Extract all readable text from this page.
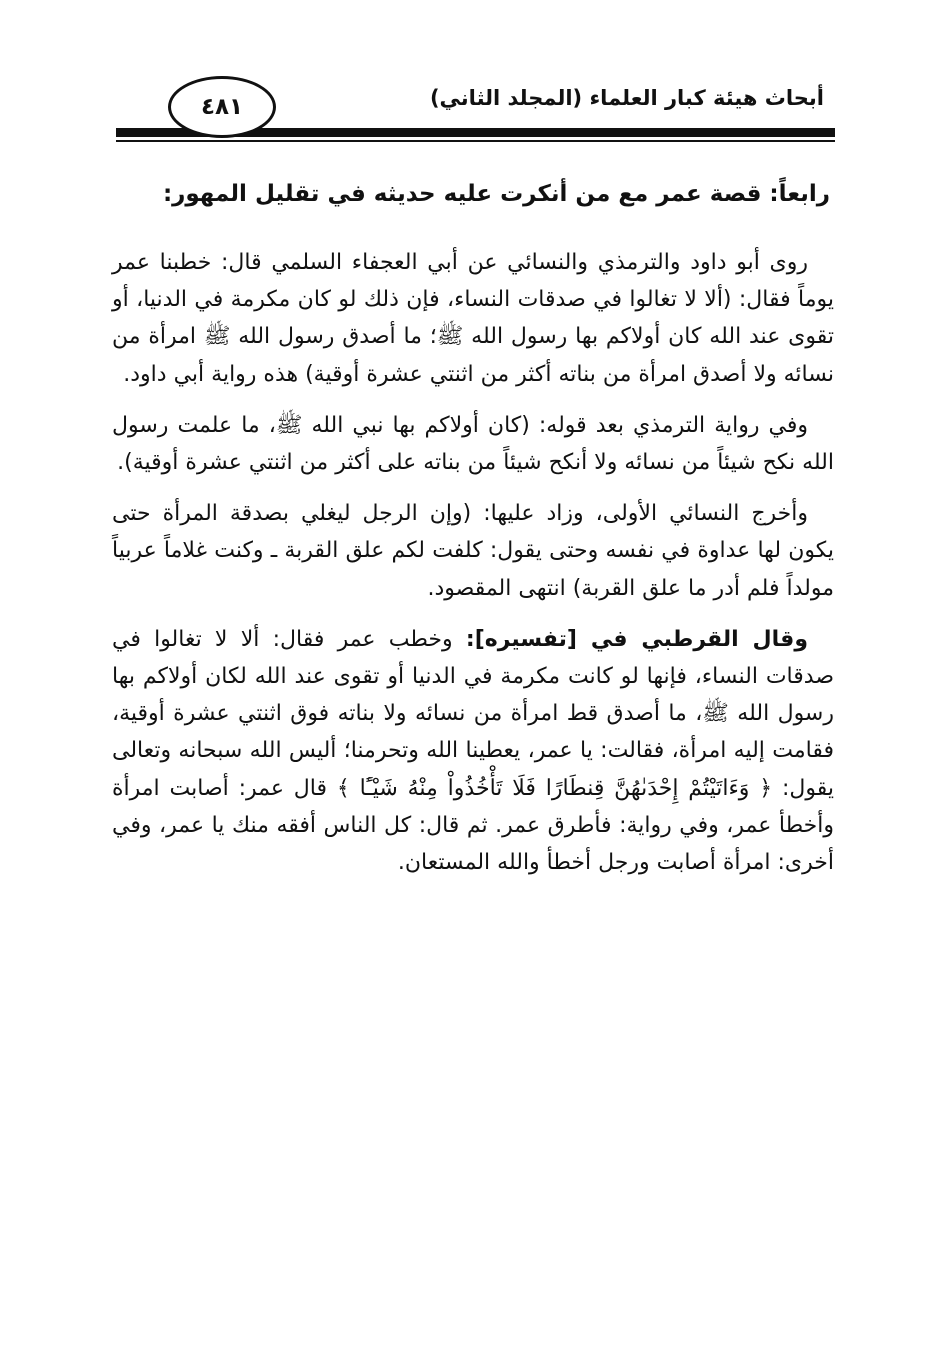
أبحاث هيئة كبار العلماء (المجلد الثاني)
٤٨١
رابعاً: قصة عمر مع من أنكرت عليه حديثه في تقليل المهور:

روى أبو داود والترمذي والنسائي عن أبي العجفاء السلمي قال: خطبنا عمر يوماً فقال: (ألا لا تغالوا في صدقات النساء، فإن ذلك لو كان مكرمة في الدنيا، أو تقوى عند الله كان أولاكم بها رسول الله ﷺ؛ ما أصدق رسول الله ﷺ امرأة من نسائه ولا أصدق امرأة من بناته أكثر من اثنتي عشرة أوقية) هذه رواية أبي داود.

وفي رواية الترمذي بعد قوله: (كان أولاكم بها نبي الله ﷺ، ما علمت رسول الله نكح شيئاً من نسائه ولا أنكح شيئاً من بناته على أكثر من اثنتي عشرة أوقية).

وأخرج النسائي الأولى، وزاد عليها: (وإن الرجل ليغلي بصدقة المرأة حتى يكون لها عداوة في نفسه وحتى يقول: كلفت لكم علق القربة ـ وكنت غلاماً عربياً مولداً فلم أدر ما علق القربة) انتهى المقصود.

وقال القرطبي في [تفسيره]: وخطب عمر فقال: ألا لا تغالوا في صدقات النساء، فإنها لو كانت مكرمة في الدنيا أو تقوى عند الله لكان أولاكم بها رسول الله ﷺ، ما أصدق قط امرأة من نسائه ولا بناته فوق اثنتي عشرة أوقية، فقامت إليه امرأة، فقالت: يا عمر، يعطينا الله وتحرمنا؛ أليس الله سبحانه وتعالى يقول: ﴿ وَءَاتَيْتُمْ إِحْدَىٰهُنَّ قِنطَارًا فَلَا تَأْخُذُواْ مِنْهُ شَيْـًٔا ﴾ قال عمر: أصابت امرأة وأخطأ عمر، وفي رواية: فأطرق عمر. ثم قال: كل الناس أفقه منك يا عمر، وفي أخرى: امرأة أصابت ورجل أخطأ والله المستعان.
